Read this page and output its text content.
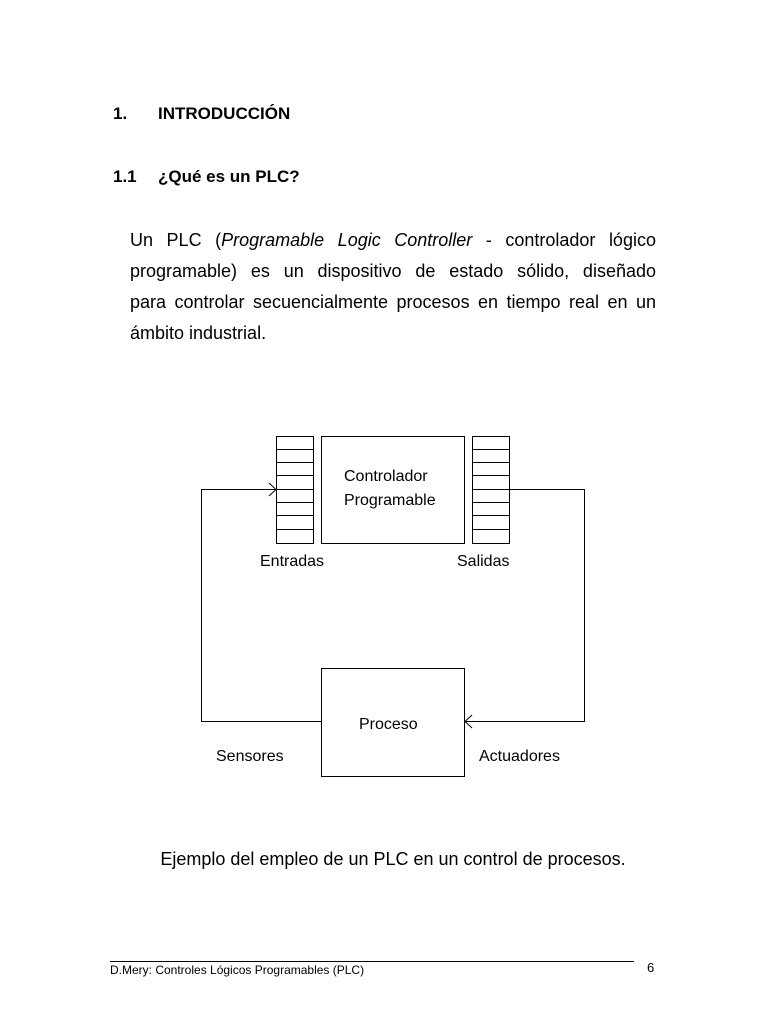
1. INTRODUCCIÓN
1.1 ¿Qué es un PLC?
Un PLC (Programable Logic Controller - controlador lógico
programable) es un dispositivo de estado sólido, diseñado
para controlar secuencialmente procesos en tiempo real en un
ámbito industrial.
Controlador
Programable
Entradas	Salidas
Proceso
Sensores	Actuadores
Ejemplo del empleo de un PLC en un control de procesos.
D.Mery: Controles Lógicos Programables (PLC)	6
